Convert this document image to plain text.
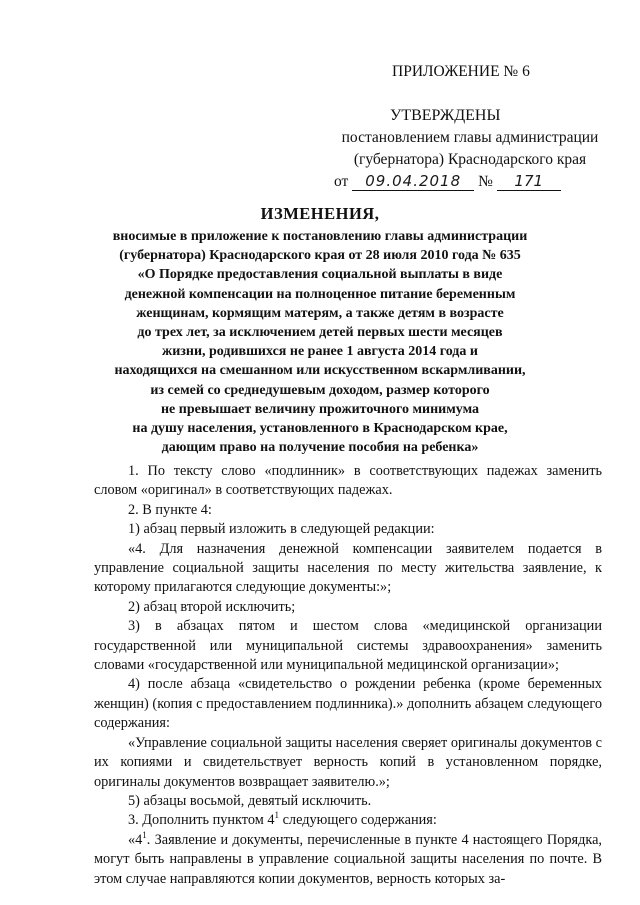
ПРИЛОЖЕНИЕ № 6
УТВЕРЖДЕНЫ
постановлением главы администрации
(губернатора) Краснодарского края
от 09.04.2018 № 171
ИЗМЕНЕНИЯ,
вносимые в приложение к постановлению главы администрации
(губернатора) Краснодарского края от 28 июля 2010 года № 635
«О Порядке предоставления социальной выплаты в виде
денежной компенсации на полноценное питание беременным
женщинам, кормящим матерям, а также детям в возрасте
до трех лет, за исключением детей первых шести месяцев
жизни, родившихся не ранее 1 августа 2014 года и
находящихся на смешанном или искусственном вскармливании,
из семей со среднедушевым доходом, размер которого
не превышает величину прожиточного минимума
на душу населения, установленного в Краснодарском крае,
дающим право на получение пособия на ребенка»

1. По тексту слово «подлинник» в соответствующих падежах заменить словом «оригинал» в соответствующих падежах.

2. В пункте 4:

1) абзац первый изложить в следующей редакции:

«4. Для назначения денежной компенсации заявителем подается в управление социальной защиты населения по месту жительства заявление, к которому прилагаются следующие документы:»;

2) абзац второй исключить;

3) в абзацах пятом и шестом слова «медицинской организации государственной или муниципальной системы здравоохранения» заменить словами «государственной или муниципальной медицинской организации»;

4) после абзаца «свидетельство о рождении ребенка (кроме беременных женщин) (копия с предоставлением подлинника).» дополнить абзацем следующего содержания:

«Управление социальной защиты населения сверяет оригиналы документов с их копиями и свидетельствует верность копий в установленном порядке, оригиналы документов возвращает заявителю.»;

5) абзацы восьмой, девятый исключить.

3. Дополнить пунктом $4^1$ следующего содержания:

«$4^1$. Заявление и документы, перечисленные в пункте 4 настоящего Порядка, могут быть направлены в управление социальной защиты населения по почте. В этом случае направляются копии документов, верность которых за-
